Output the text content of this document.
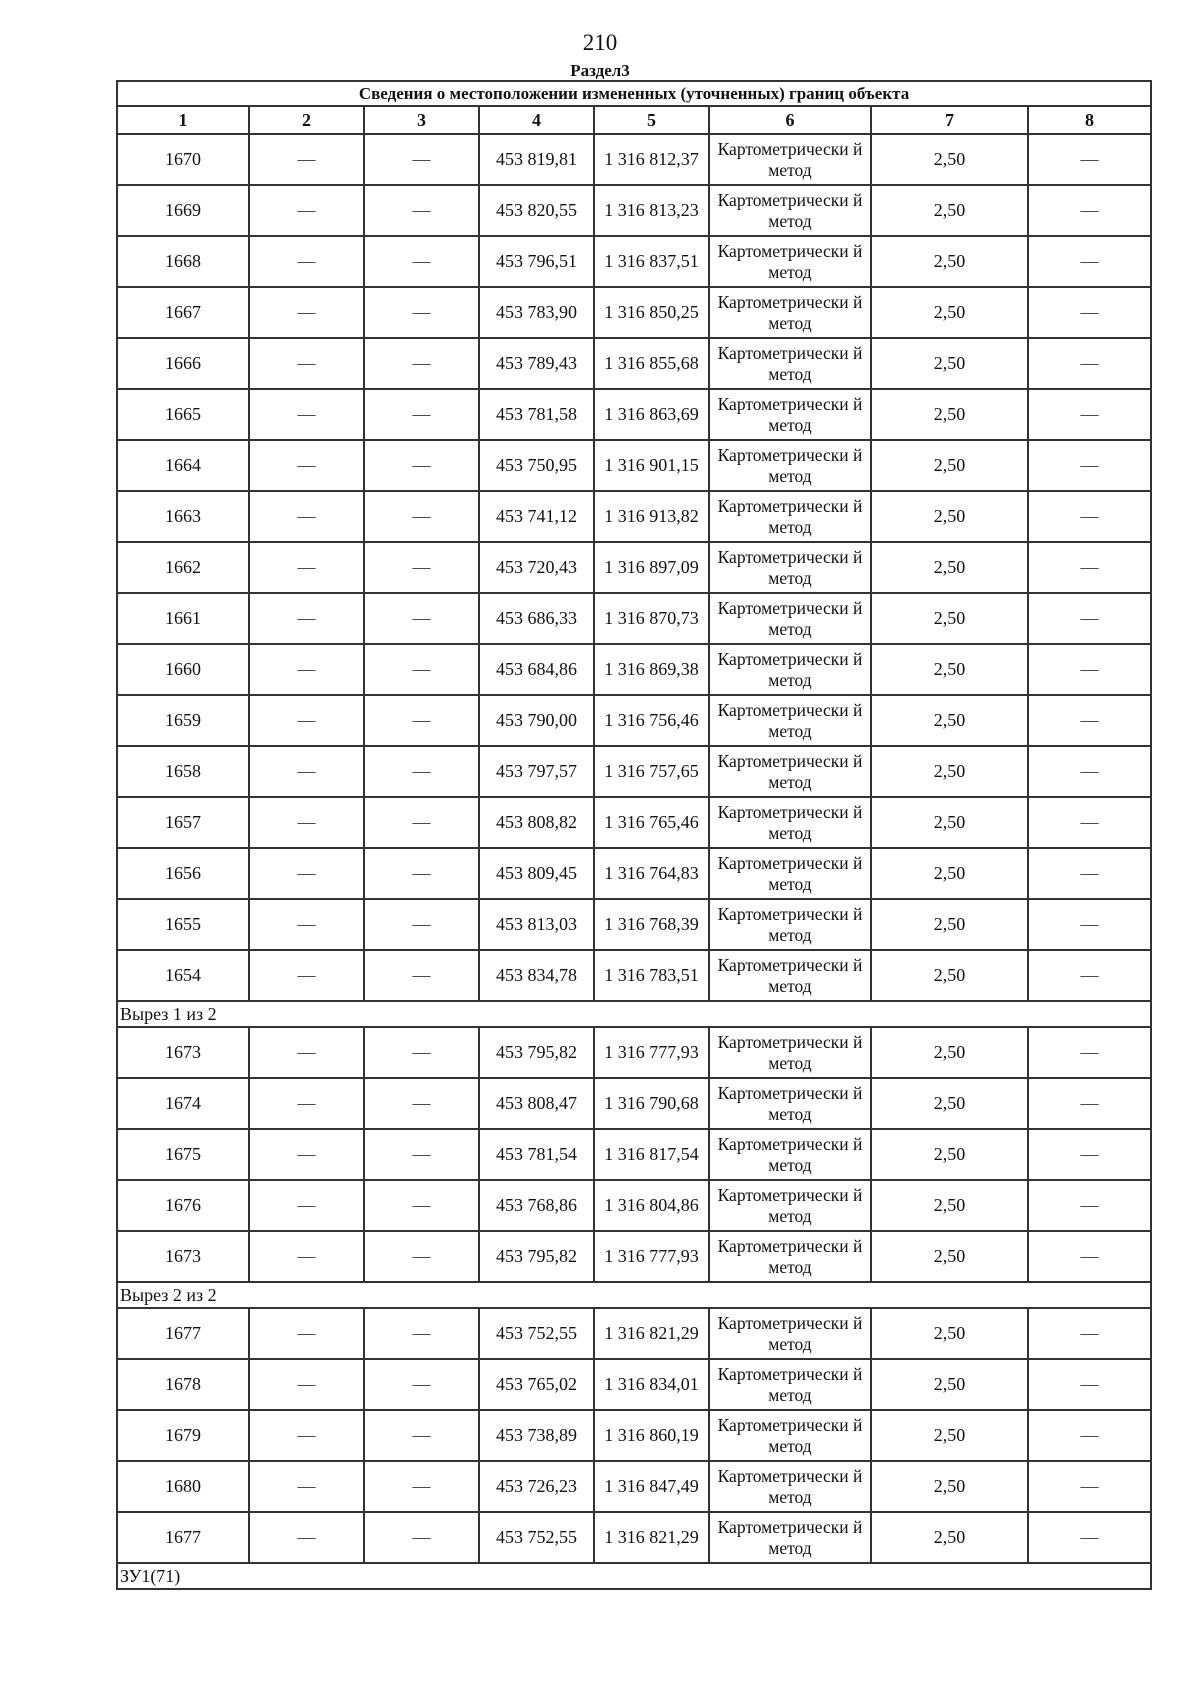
210
Раздел3
Сведения о местоположении измененных (уточненных) границ объекта							
1	2	3	4	5	6	7	8
1670	—	—	453 819,81	1 316 812,37	Картометрически й метод	2,50	—
1669	—	—	453 820,55	1 316 813,23	Картометрически й метод	2,50	—
1668	—	—	453 796,51	1 316 837,51	Картометрически й метод	2,50	—
1667	—	—	453 783,90	1 316 850,25	Картометрически й метод	2,50	—
1666	—	—	453 789,43	1 316 855,68	Картометрически й метод	2,50	—
1665	—	—	453 781,58	1 316 863,69	Картометрически й метод	2,50	—
1664	—	—	453 750,95	1 316 901,15	Картометрически й метод	2,50	—
1663	—	—	453 741,12	1 316 913,82	Картометрически й метод	2,50	—
1662	—	—	453 720,43	1 316 897,09	Картометрически й метод	2,50	—
1661	—	—	453 686,33	1 316 870,73	Картометрически й метод	2,50	—
1660	—	—	453 684,86	1 316 869,38	Картометрически й метод	2,50	—
1659	—	—	453 790,00	1 316 756,46	Картометрически й метод	2,50	—
1658	—	—	453 797,57	1 316 757,65	Картометрически й метод	2,50	—
1657	—	—	453 808,82	1 316 765,46	Картометрически й метод	2,50	—
1656	—	—	453 809,45	1 316 764,83	Картометрически й метод	2,50	—
1655	—	—	453 813,03	1 316 768,39	Картометрически й метод	2,50	—
1654	—	—	453 834,78	1 316 783,51	Картометрически й метод	2,50	—
Вырез 1 из 2							
1673	—	—	453 795,82	1 316 777,93	Картометрически й метод	2,50	—
1674	—	—	453 808,47	1 316 790,68	Картометрически й метод	2,50	—
1675	—	—	453 781,54	1 316 817,54	Картометрически й метод	2,50	—
1676	—	—	453 768,86	1 316 804,86	Картометрически й метод	2,50	—
1673	—	—	453 795,82	1 316 777,93	Картометрически й метод	2,50	—
Вырез 2 из 2							
1677	—	—	453 752,55	1 316 821,29	Картометрически й метод	2,50	—
1678	—	—	453 765,02	1 316 834,01	Картометрически й метод	2,50	—
1679	—	—	453 738,89	1 316 860,19	Картометрически й метод	2,50	—
1680	—	—	453 726,23	1 316 847,49	Картометрически й метод	2,50	—
1677	—	—	453 752,55	1 316 821,29	Картометрически й метод	2,50	—
ЗУ1(71)							
